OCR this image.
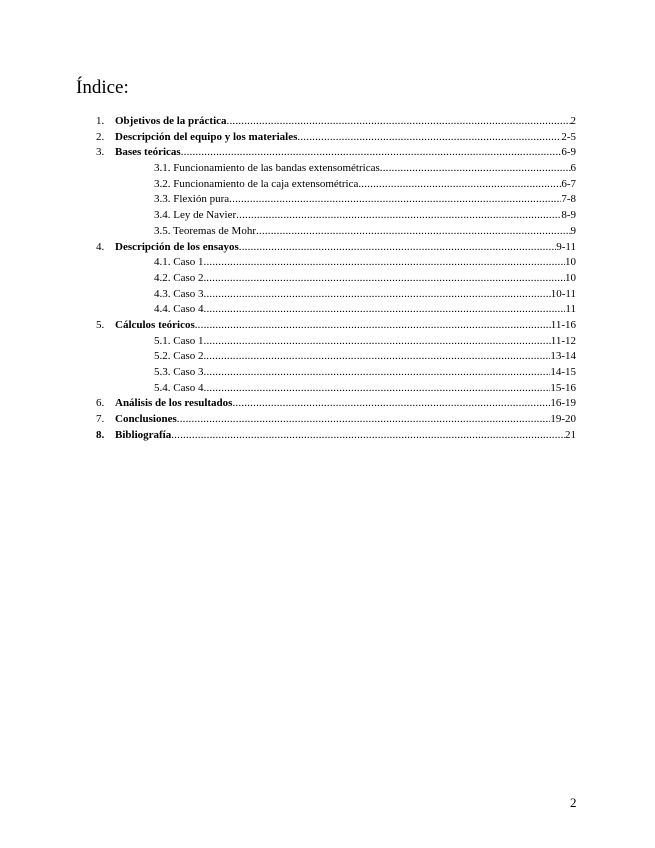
Índice:
1. Objetivos de la práctica .....	2
2. Descripción del equipo y los materiales .....	2-5
3. Bases teóricas .....	6-9
3.1. Funcionamiento de las bandas extensométricas .....	6
3.2. Funcionamiento de la caja extensométrica .....	6-7
3.3. Flexión pura .....	7-8
3.4. Ley de Navier .....	8-9
3.5. Teoremas de Mohr .....	9
4. Descripción de los ensayos .....	9-11
4.1. Caso 1 .....	10
4.2. Caso 2. .....	10
4.3. Caso 3 .....	10-11
4.4. Caso 4 .....	11
5. Cálculos teóricos .....	11-16
5.1. Caso 1 .....	11-12
5.2. Caso 2. .....	13-14
5.3. Caso 3 .....	14-15
5.4. Caso 4 .....	15-16
6. Análisis de los resultados .....	16-19
7. Conclusiones .....	19-20
8. Bibliografía .....	21
2
